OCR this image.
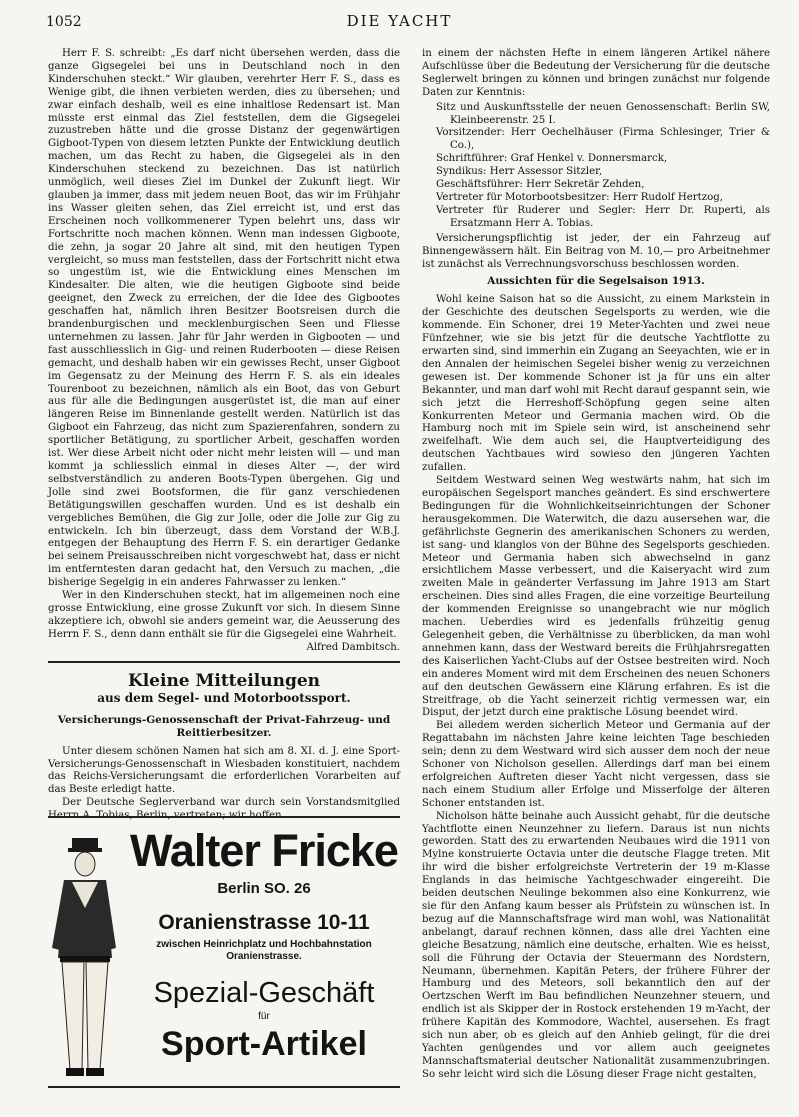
1052	DIE YACHT

Herr F. S. schreibt: „Es darf nicht übersehen werden, dass die ganze Gigsegelei bei uns in Deutschland noch in den Kinderschuhen steckt.“ Wir glauben, verehrter Herr F. S., dass es Wenige gibt, die ihnen verbieten werden, dies zu übersehen; und zwar einfach deshalb, weil es eine inhaltlose Redensart ist. Man müsste erst einmal das Ziel feststellen, dem die Gigsegelei zuzustreben hätte und die grosse Distanz der gegenwärtigen Gigboot-Typen von diesem letzten Punkte der Entwicklung deutlich machen, um das Recht zu haben, die Gigsegelei als in den Kinderschuhen steckend zu bezeichnen. Das ist natürlich unmöglich, weil dieses Ziel im Dunkel der Zukunft liegt. Wir glauben ja immer, dass mit jedem neuen Boot, das wir im Frühjahr ins Wasser gleiten sehen, das Ziel erreicht ist, und erst das Erscheinen noch vollkommenerer Typen belehrt uns, dass wir Fortschritte noch machen können. Wenn man indessen Gigboote, die zehn, ja sogar 20 Jahre alt sind, mit den heutigen Typen vergleicht, so muss man feststellen, dass der Fortschritt nicht etwa so ungestüm ist, wie die Entwicklung eines Menschen im Kindesalter. Die alten, wie die heutigen Gigboote sind beide geeignet, den Zweck zu erreichen, der die Idee des Gigbootes geschaffen hat, nämlich ihren Besitzer Bootsreisen durch die brandenburgischen und mecklenburgischen Seen und Fliesse unternehmen zu lassen. Jahr für Jahr werden in Gigbooten — und fast ausschliesslich in Gig- und reinen Ruderbooten — diese Reisen gemacht, und deshalb haben wir ein gewisses Recht, unser Gigboot im Gegensatz zu der Meinung des Herrn F. S. als ein ideales Tourenboot zu bezeichnen, nämlich als ein Boot, das von Geburt aus für alle die Bedingungen ausgerüstet ist, die man auf einer längeren Reise im Binnenlande gestellt werden. Natürlich ist das Gigboot ein Fahrzeug, das nicht zum Spazierenfahren, sondern zu sportlicher Betätigung, zu sportlicher Arbeit, geschaffen worden ist. Wer diese Arbeit nicht oder nicht mehr leisten will — und man kommt ja schliesslich einmal in dieses Alter —, der wird selbstverständlich zu anderen Boots-Typen übergehen. Gig und Jolle sind zwei Bootsformen, die für ganz verschiedenen Betätigungswillen geschaffen wurden. Und es ist deshalb ein vergebliches Bemühen, die Gig zur Jolle, oder die Jolle zur Gig zu entwickeln. Ich bin überzeugt, dass dem Vorstand der W.B.J. entgegen der Behauptung des Herrn F. S. ein derartiger Gedanke bei seinem Preisausschreiben nicht vorgeschwebt hat, dass er nicht im entferntesten daran gedacht hat, den Versuch zu machen, „die bisherige Segelgig in ein anderes Fahrwasser zu lenken.“

Wer in den Kinderschuhen steckt, hat im allgemeinen noch eine grosse Entwicklung, eine grosse Zukunft vor sich. In diesem Sinne akzeptiere ich, obwohl sie anders gemeint war, die Aeusserung des Herrn F. S., denn dann enthält sie für die Gigsegelei eine Wahrheit.

Alfred Dambitsch.
Kleine Mitteilungen
aus dem Segel- und Motorbootssport.
Versicherungs-Genossenschaft der Privat-Fahrzeug- und Reittierbesitzer.

Unter diesem schönen Namen hat sich am 8. XI. d. J. eine Sport-Versicherungs-Genossenschaft in Wiesbaden konstituiert, nachdem das Reichs-Versicherungsamt die erforderlichen Vorarbeiten auf das Beste erledigt hatte.

Der Deutsche Seglerverband war durch sein Vorstandsmitglied Herrn A. Tobias, Berlin, vertreten; wir hoffen

Walter Fricke
Berlin SO. 26
Oranienstrasse 10-11
zwischen Heinrichplatz und Hochbahnstation Oranienstrasse.
Spezial-Geschäft
für
Sport-Artikel

in einem der nächsten Hefte in einem längeren Artikel nähere Aufschlüsse über die Bedeutung der Versicherung für die deutsche Seglerwelt bringen zu können und bringen zunächst nur folgende Daten zur Kenntnis:

Sitz und Auskunftsstelle der neuen Genossenschaft: Berlin SW, Kleinbeerenstr. 25 I.
Vorsitzender: Herr Oechelhäuser (Firma Schlesinger, Trier & Co.),
Schriftführer: Graf Henkel v. Donnersmarck,
Syndikus: Herr Assessor Sitzler,
Geschäftsführer: Herr Sekretär Zehden,
Vertreter für Motorbootsbesitzer: Herr Rudolf Hertzog,
Vertreter für Ruderer und Segler: Herr Dr. Ruperti, als Ersatzmann Herr A. Tobias.

Versicherungspflichtig ist jeder, der ein Fahrzeug auf Binnengewässern hält. Ein Beitrag von M. 10,— pro Arbeitnehmer ist zunächst als Verrechnungsvorschuss beschlossen worden.

Aussichten für die Segelsaison 1913.

Wohl keine Saison hat so die Aussicht, zu einem Markstein in der Geschichte des deutschen Segelsports zu werden, wie die kommende. Ein Schoner, drei 19 Meter-Yachten und zwei neue Fünfzehner, wie sie bis jetzt für die deutsche Yachtflotte zu erwarten sind, sind immerhin ein Zugang an Seeyachten, wie er in den Annalen der heimischen Segelei bisher wenig zu verzeichnen gewesen ist. Der kommende Schoner ist ja für uns ein alter Bekannter, und man darf wohl mit Recht darauf gespannt sein, wie sich jetzt die Herreshoff-Schöpfung gegen seine alten Konkurrenten Meteor und Germania machen wird. Ob die Hamburg noch mit im Spiele sein wird, ist anscheinend sehr zweifelhaft. Wie dem auch sei, die Hauptverteidigung des deutschen Yachtbaues wird sowieso den jüngeren Yachten zufallen.

Seitdem Westward seinen Weg westwärts nahm, hat sich im europäischen Segelsport manches geändert. Es sind erschwertere Bedingungen für die Wohnlichkeitseinrichtungen der Schoner herausgekommen. Die Waterwitch, die dazu ausersehen war, die gefährlichste Gegnerin des amerikanischen Schoners zu werden, ist sang- und klanglos von der Bühne des Segelsports geschieden. Meteor und Germania haben sich abwechselnd in ganz ersichtlichem Masse verbessert, und die Kaiseryacht wird zum zweiten Male in geänderter Verfassung im Jahre 1913 am Start erscheinen. Dies sind alles Fragen, die eine vorzeitige Beurteilung der kommenden Ereignisse so unangebracht wie nur möglich machen. Ueberdies wird es jedenfalls frühzeitig genug Gelegenheit geben, die Verhältnisse zu überblicken, da man wohl annehmen kann, dass der Westward bereits die Frühjahrsregatten des Kaiserlichen Yacht-Clubs auf der Ostsee bestreiten wird. Noch ein anderes Moment wird mit dem Erscheinen des neuen Schoners auf den deutschen Gewässern eine Klärung erfahren. Es ist die Streitfrage, ob die Yacht seinerzeit richtig vermessen war, ein Disput, der jetzt durch eine praktische Lösung beendet wird.

Bei alledem werden sicherlich Meteor und Germania auf der Regattabahn im nächsten Jahre keine leichten Tage beschieden sein; denn zu dem Westward wird sich ausser dem noch der neue Schoner von Nicholson gesellen. Allerdings darf man bei einem erfolgreichen Auftreten dieser Yacht nicht vergessen, dass sie nach einem Studium aller Erfolge und Misserfolge der älteren Schoner entstanden ist.

Nicholson hätte beinahe auch Aussicht gehabt, für die deutsche Yachtflotte einen Neunzehner zu liefern. Daraus ist nun nichts geworden. Statt des zu erwartenden Neubaues wird die 1911 von Mylne konstruierte Octavia unter die deutsche Flagge treten. Mit ihr wird die bisher erfolgreichste Vertreterin der 19 m-Klasse Englands in das heimische Yachtgeschwader eingereiht. Die beiden deutschen Neulinge bekommen also eine Konkurrenz, wie sie für den Anfang kaum besser als Prüfstein zu wünschen ist. In bezug auf die Mannschaftsfrage wird man wohl, was Nationalität anbelangt, darauf rechnen können, dass alle drei Yachten eine gleiche Besatzung, nämlich eine deutsche, erhalten. Wie es heisst, soll die Führung der Octavia der Steuermann des Nordstern, Neumann, übernehmen. Kapitän Peters, der frühere Führer der Hamburg und des Meteors, soll bekanntlich den auf der Oertzschen Werft im Bau befindlichen Neunzehner steuern, und endlich ist als Skipper der in Rostock erstehenden 19 m-Yacht, der frühere Kapitän des Kommodore, Wachtel, ausersehen. Es fragt sich nun aber, ob es gleich auf den Anhieb gelingt, für die drei Yachten genügendes und vor allem auch geeignetes Mannschaftsmaterial deutscher Nationalität zusammenzubringen. So sehr leicht wird sich die Lösung dieser Frage nicht gestalten,
